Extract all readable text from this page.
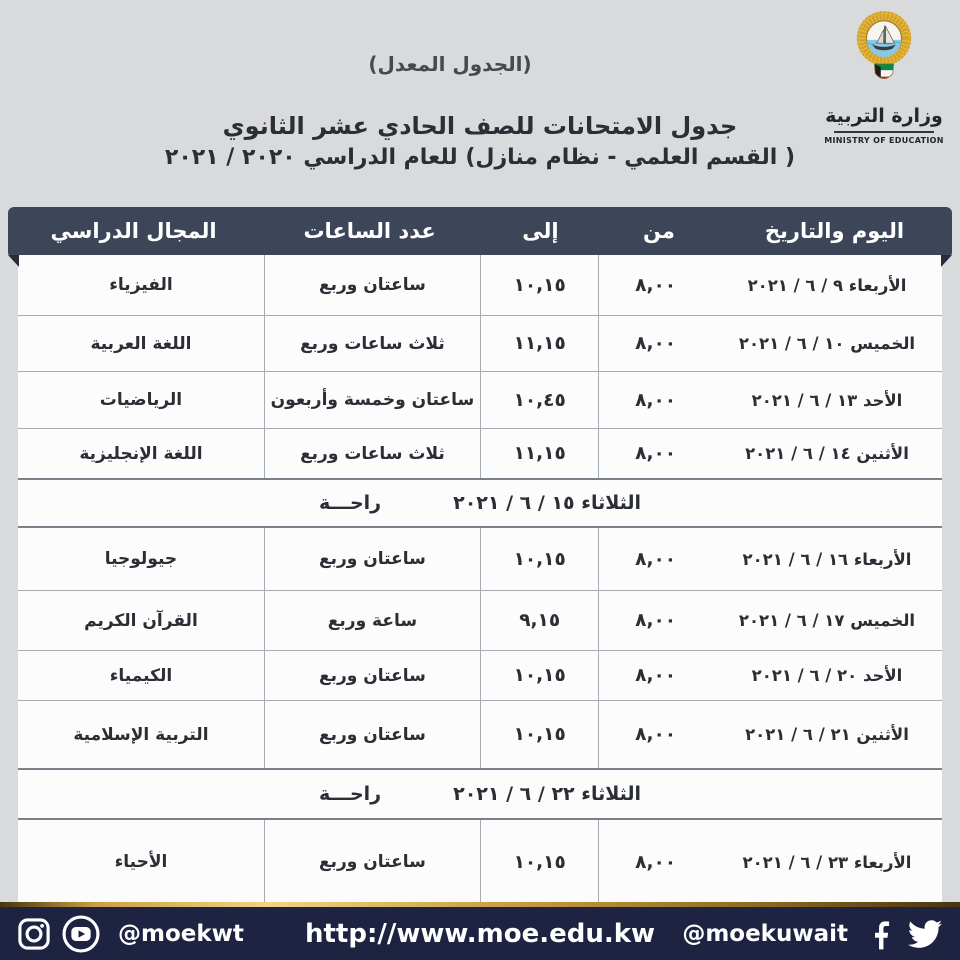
(الجدول المعدل)
وزارة التربية
MINISTRY OF EDUCATION
جدول الامتحانات للصف الحادي عشر الثانوي
( القسم العلمي - نظام منازل) للعام الدراسي ٢٠٢٠ / ٢٠٢١
اليوم والتاريخ
من
إلى
عدد الساعات
المجال الدراسي
الأربعاء ٩ / ٦ / ٢٠٢١
٨,٠٠
١٠,١٥
ساعتان وربع
الفيزياء
الخميس ١٠ / ٦ / ٢٠٢١
٨,٠٠
١١,١٥
ثلاث ساعات وربع
اللغة العربية
الأحد ١٣ / ٦ / ٢٠٢١
٨,٠٠
١٠,٤٥
ساعتان وخمسة وأربعون
الرياضيات
الأثنين ١٤ / ٦ / ٢٠٢١
٨,٠٠
١١,١٥
ثلاث ساعات وربع
اللغة الإنجليزية
الثلاثاء ١٥ / ٦ / ٢٠٢١
راحـــة
الأربعاء ١٦ / ٦ / ٢٠٢١
٨,٠٠
١٠,١٥
ساعتان وربع
جيولوجيا
الخميس ١٧ / ٦ / ٢٠٢١
٨,٠٠
٩,١٥
ساعة وربع
القرآن الكريم
الأحد ٢٠ / ٦ / ٢٠٢١
٨,٠٠
١٠,١٥
ساعتان وربع
الكيمياء
الأثنين ٢١ / ٦ / ٢٠٢١
٨,٠٠
١٠,١٥
ساعتان وربع
التربية الإسلامية
الثلاثاء ٢٢ / ٦ / ٢٠٢١
راحـــة
الأربعاء ٢٣ / ٦ / ٢٠٢١
٨,٠٠
١٠,١٥
ساعتان وربع
الأحياء
@moekwt http://www.moe.edu.kw @moekuwait
